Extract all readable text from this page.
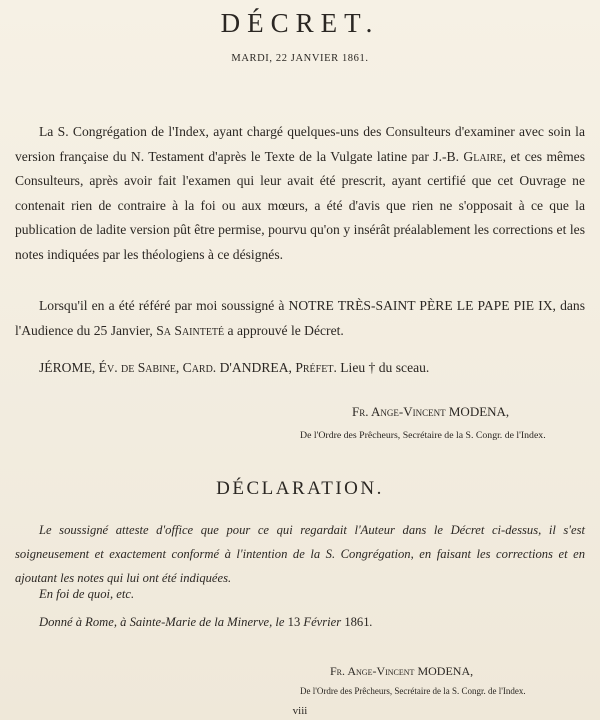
DÉCRET.
MARDI, 22 JANVIER 1861.
La S. Congrégation de l'Index, ayant chargé quelques-uns des Consulteurs d'examiner avec soin la version française du N. Testament d'après le Texte de la Vulgate latine par J.-B. Glaire, et ces mêmes Consulteurs, après avoir fait l'examen qui leur avait été prescrit, ayant certifié que cet Ouvrage ne contenait rien de contraire à la foi ou aux mœurs, a été d'avis que rien ne s'opposait à ce que la publication de ladite version pût être permise, pourvu qu'on y insérât préalablement les corrections et les notes indiquées par les théologiens à ce désignés.
Lorsqu'il en a été référé par moi soussigné à NOTRE TRÈS-SAINT PÈRE LE PAPE PIE IX, dans l'Audience du 25 Janvier, Sa Sainteté a approuvé le Décret.
JÉROME, Év. de Sabine, Card. D'ANDREA, Préfet. Lieu † du sceau.
Fr. Ange-Vincent MODENA,
De l'Ordre des Prêcheurs, Secrétaire de la S. Congr. de l'Index.
DÉCLARATION.
Le soussigné atteste d'office que pour ce qui regardait l'Auteur dans le Décret ci-dessus, il s'est soigneusement et exactement conformé à l'intention de la S. Congrégation, en faisant les corrections et en ajoutant les notes qui lui ont été indiquées.
En foi de quoi, etc.
Donné à Rome, à Sainte-Marie de la Minerve, le 13 Février 1861.
Fr. Ange-Vincent MODENA,
De l'Ordre des Prêcheurs, Secrétaire de la S. Congr. de l'Index.
viii
